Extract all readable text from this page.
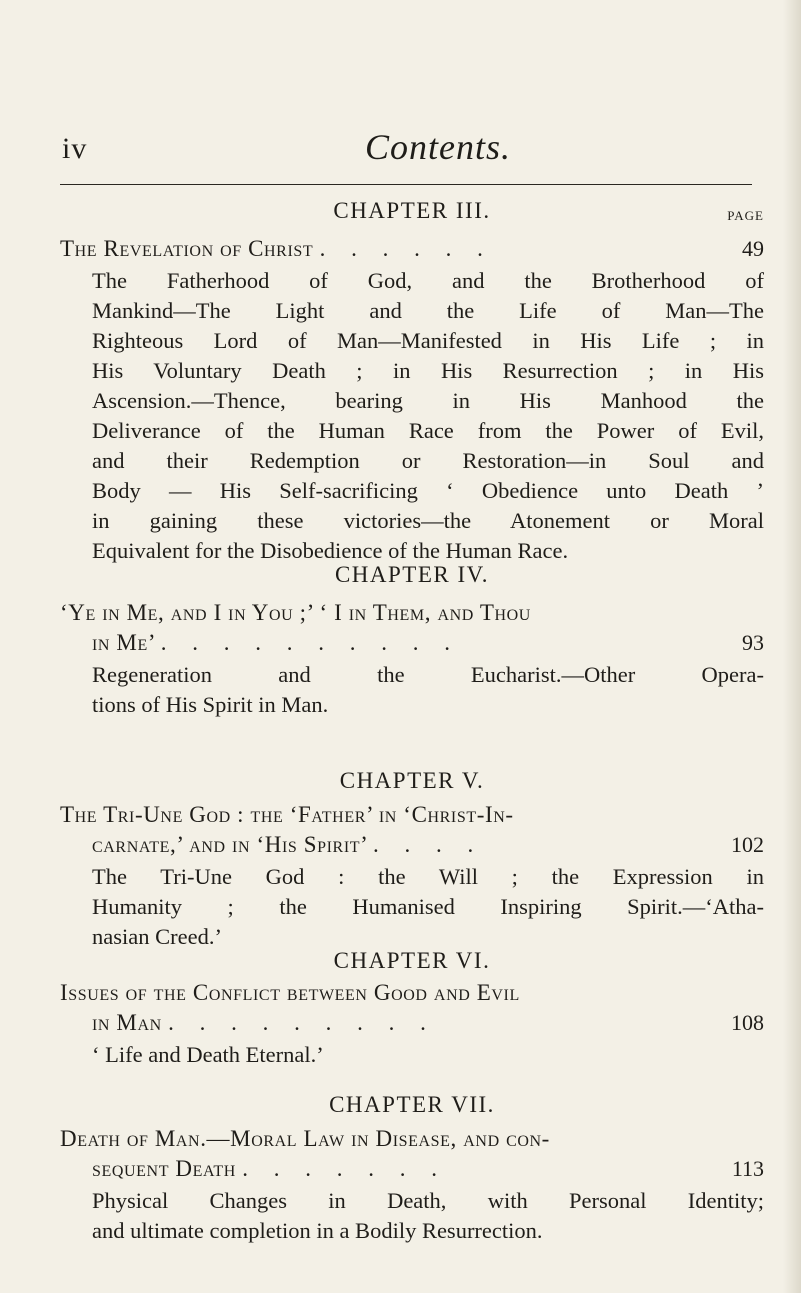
iv	Contents.

CHAPTER III.	PAGE
The Revelation of Christ . . . . . .	49

The Fatherhood of God, and the Brotherhood of
Mankind—The Light and the Life of Man—The
Righteous Lord of Man—Manifested in His Life ; in
His Voluntary Death ; in His Resurrection ; in His
Ascension.—Thence, bearing in His Manhood the
Deliverance of the Human Race from the Power of Evil,
and their Redemption or Restoration—in Soul and
Body — His Self-sacrificing ‘ Obedience unto Death ’
in gaining these victories—the Atonement or Moral
Equivalent for the Disobedience of the Human Race.

CHAPTER IV.

‘Ye in Me, and I in You ;’ ‘ I in Them, and Thou
in Me’ . . . . . . . . . .	93

Regeneration and the Eucharist.—Other Opera-
tions of His Spirit in Man.

CHAPTER V.

The Tri-Une God : the ‘Father’ in ‘Christ-In-
carnate,’ and in ‘His Spirit’ . . . .	102

The Tri-Une God : the Will ; the Expression in
Humanity ; the Humanised Inspiring Spirit.—‘Atha-
nasian Creed.’

CHAPTER VI.

Issues of the Conflict between Good and Evil
in Man . . . . . . . . .	108

‘ Life and Death Eternal.’

CHAPTER VII.

Death of Man.—Moral Law in Disease, and con-
sequent Death . . . . . . .	113

Physical Changes in Death, with Personal Identity;
and ultimate completion in a Bodily Resurrection.
